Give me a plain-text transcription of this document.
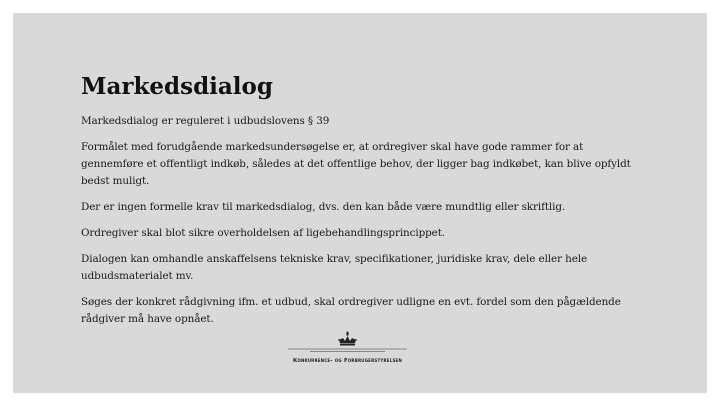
Markedsdialog

Markedsdialog er reguleret i udbudslovens § 39

Formålet med forudgående markedsundersøgelse er, at ordregiver skal have gode rammer for at gennemføre et offentligt indkøb, således at det offentlige behov, der ligger bag indkøbet, kan blive opfyldt bedst muligt.

Der er ingen formelle krav til markedsdialog, dvs. den kan både være mundtlig eller skriftlig.

Ordregiver skal blot sikre overholdelsen af ligebehandlingsprincippet.

Dialogen kan omhandle anskaffelsens tekniske krav, specifikationer, juridiske krav, dele eller hele udbudsmaterialet mv.

Søges der konkret rådgivning ifm. et udbud, skal ordregiver udligne en evt. fordel som den pågældende rådgiver må have opnået.

Konkurrence- og Forbrugerstyrelsen
